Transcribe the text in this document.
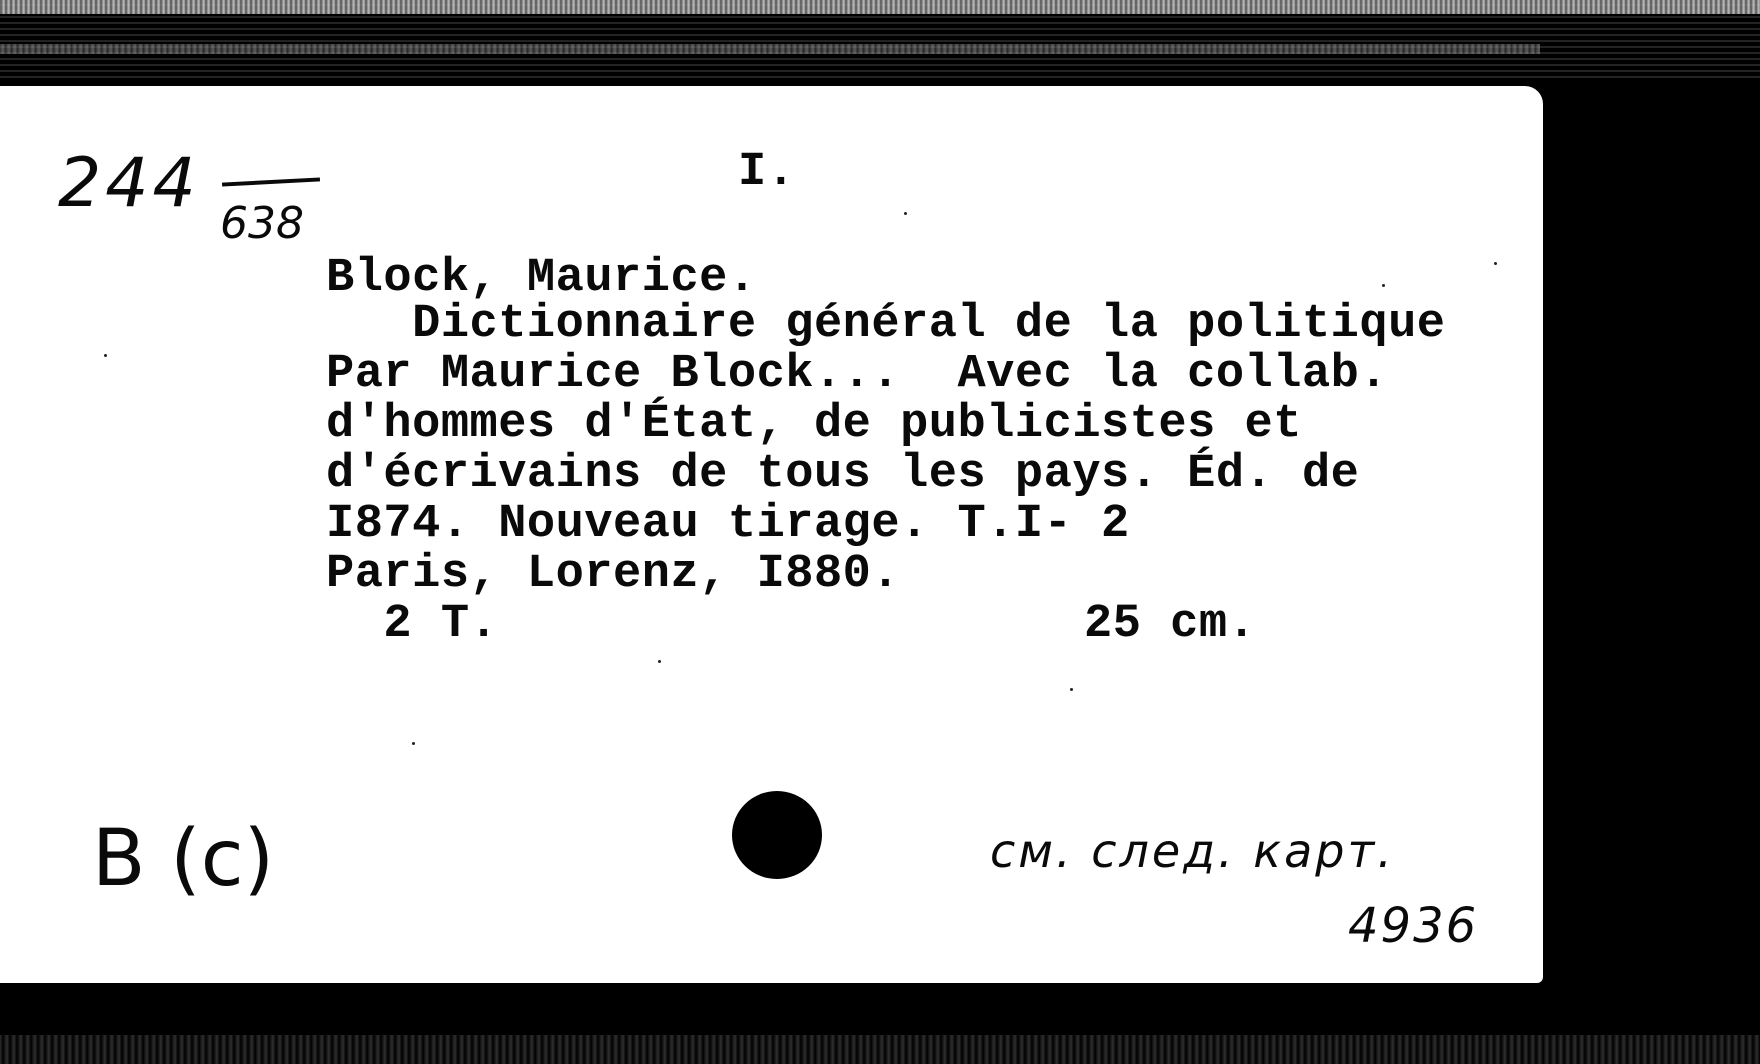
244
638
I.
Block, Maurice.
Dictionnaire général de la politique
Par Maurice Block...  Avec la collab.
d'hommes d'État, de publicistes et
d'écrivains de tous les pays. Éd. de
I874. Nouveau tirage. T.I- 2
Paris, Lorenz, I880.
2 T.	25 cm.
B (c)	см. след. карт.
4936
